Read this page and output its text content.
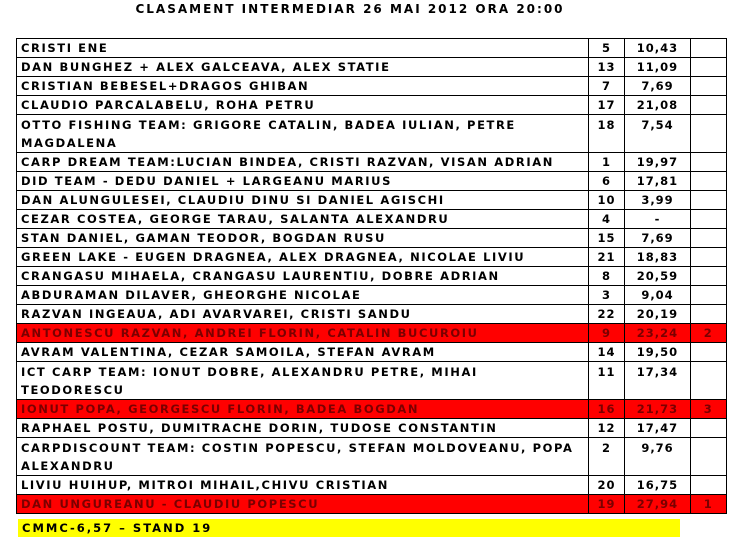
CLASAMENT INTERMEDIAR 26 MAI 2012 ORA 20:00
CRISTI ENE	5	10,43	
DAN BUNGHEZ + ALEX GALCEAVA, ALEX STATIE	13	11,09	
CRISTIAN BEBESEL+DRAGOS GHIBAN	7	7,69	
CLAUDIO PARCALABELU, ROHA PETRU	17	21,08	
OTTO FISHING TEAM: GRIGORE CATALIN, BADEA IULIAN, PETRE MAGDALENA	18	7,54	
CARP DREAM TEAM:LUCIAN BINDEA, CRISTI RAZVAN, VISAN ADRIAN	1	19,97	
DID TEAM - DEDU DANIEL + LARGEANU MARIUS	6	17,81	
DAN ALUNGULESEI, CLAUDIU DINU SI DANIEL AGISCHI	10	3,99	
CEZAR COSTEA, GEORGE TARAU, SALANTA ALEXANDRU	4	-	
STAN DANIEL, GAMAN TEODOR, BOGDAN RUSU	15	7,69	
GREEN LAKE - EUGEN DRAGNEA, ALEX DRAGNEA, NICOLAE LIVIU	21	18,83	
CRANGASU MIHAELA, CRANGASU LAURENTIU, DOBRE ADRIAN	8	20,59	
ABDURAMAN DILAVER, GHEORGHE NICOLAE	3	9,04	
RAZVAN INGEAUA, ADI AVARVAREI, CRISTI SANDU	22	20,19	
ANTONESCU RAZVAN, ANDREI FLORIN, CATALIN BUCUROIU	9	23,24	2
AVRAM VALENTINA, CEZAR SAMOILA, STEFAN AVRAM	14	19,50	
ICT CARP TEAM: IONUT DOBRE, ALEXANDRU PETRE, MIHAI TEODORESCU	11	17,34	
IONUT POPA, GEORGESCU FLORIN, BADEA BOGDAN	16	21,73	3
RAPHAEL POSTU, DUMITRACHE DORIN, TUDOSE CONSTANTIN	12	17,47	
CARPDISCOUNT TEAM: COSTIN POPESCU, STEFAN MOLDOVEANU, POPA ALEXANDRU	2	9,76	
LIVIU HUIHUP, MITROI MIHAIL,CHIVU CRISTIAN	20	16,75	
DAN UNGUREANU - CLAUDIU POPESCU	19	27,94	1
CMMC-6,57 – STAND 19
